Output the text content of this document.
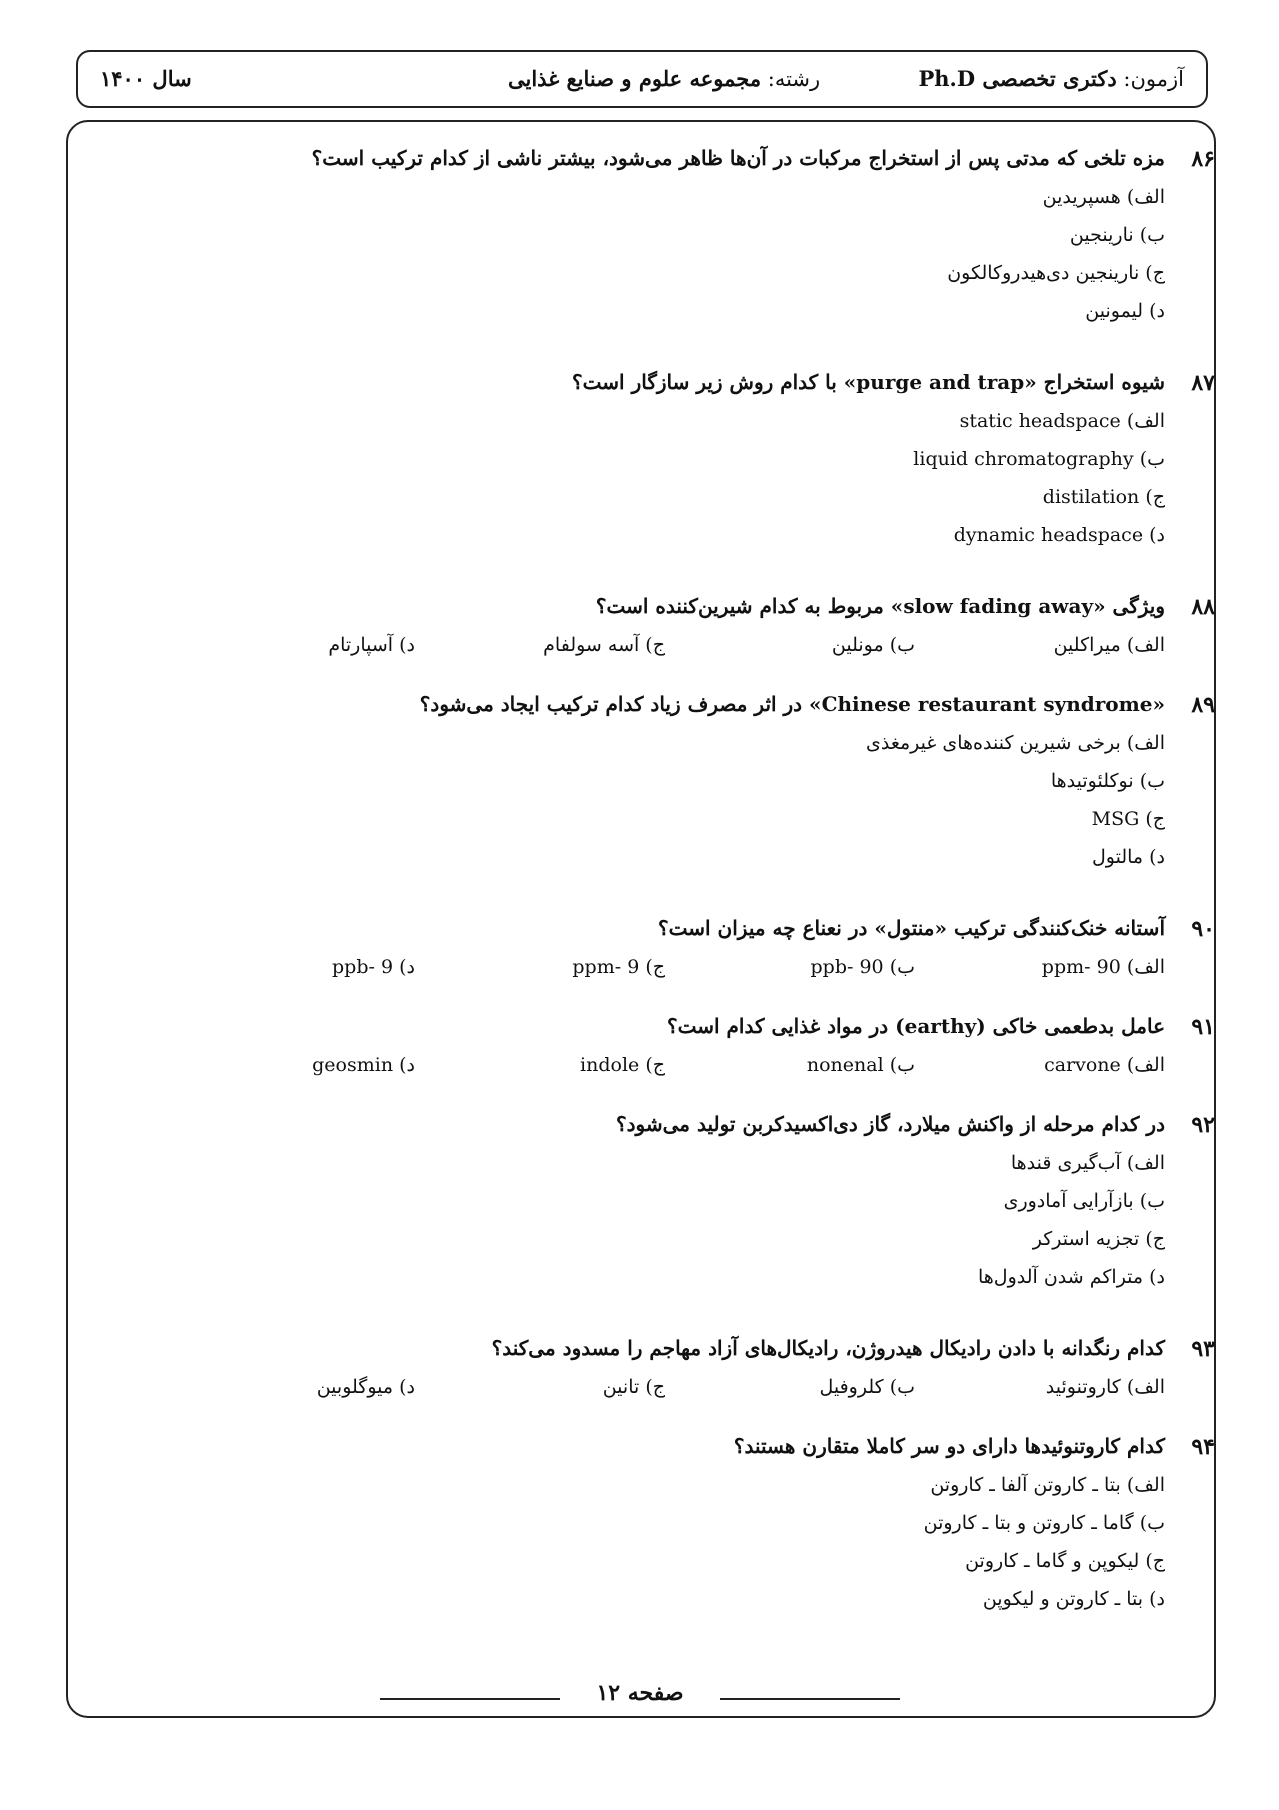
آزمون: دکتری تخصصی Ph.D
رشته: مجموعه علوم و صنایع غذایی
سال ۱۴۰۰
۸۶
مزه تلخی که مدتی پس از استخراج مرکبات در آن‌ها ظاهر می‌شود، بیشتر ناشی از کدام ترکیب است؟
الف) هسپریدین
ب) نارینجین
ج) نارینجین دی‌هیدروکالکون
د) لیمونین
۸۷
شیوه استخراج «purge and trap» با کدام روش زیر سازگار است؟
الف) static headspace
ب) liquid chromatography
ج) distilation
د) dynamic headspace
۸۸
ویژگی «slow fading away» مربوط به کدام شیرین‌کننده است؟
الف) میراکلین
ب) مونلین
ج) آسه سولفام
د) آسپارتام
۸۹
«Chinese restaurant syndrome» در اثر مصرف زیاد کدام ترکیب ایجاد می‌شود؟
الف) برخی شیرین کننده‌های غیرمغذی
ب) نوکلئوتیدها
ج) MSG
د) مالتول
۹۰
آستانه خنک‌کنندگی ترکیب «منتول» در نعناع چه میزان است؟
الف) 90 -ppm
ب) 90 -ppb
ج) 9 -ppm
د) 9 -ppb
۹۱
عامل بدطعمی خاکی (earthy) در مواد غذایی کدام است؟
الف) carvone
ب) nonenal
ج) indole
د) geosmin
۹۲
در کدام مرحله از واکنش میلارد، گاز دی‌اکسیدکربن تولید می‌شود؟
الف) آب‌گیری قندها
ب) بازآرایی آمادوری
ج) تجزیه استرکر
د) متراکم شدن آلدول‌ها
۹۳
کدام رنگدانه با دادن رادیکال هیدروژن، رادیکال‌های آزاد مهاجم را مسدود می‌کند؟
الف) کاروتنوئید
ب) کلروفیل
ج) تانین
د) میوگلوبین
۹۴
کدام کاروتنوئیدها دارای دو سر کاملا متقارن هستند؟
الف) بتا ـ کاروتن آلفا ـ کاروتن
ب) گاما ـ کاروتن و بتا ـ کاروتن
ج) لیکوپن و گاما ـ کاروتن
د) بتا ـ کاروتن و لیکوپن
صفحه ۱۲
